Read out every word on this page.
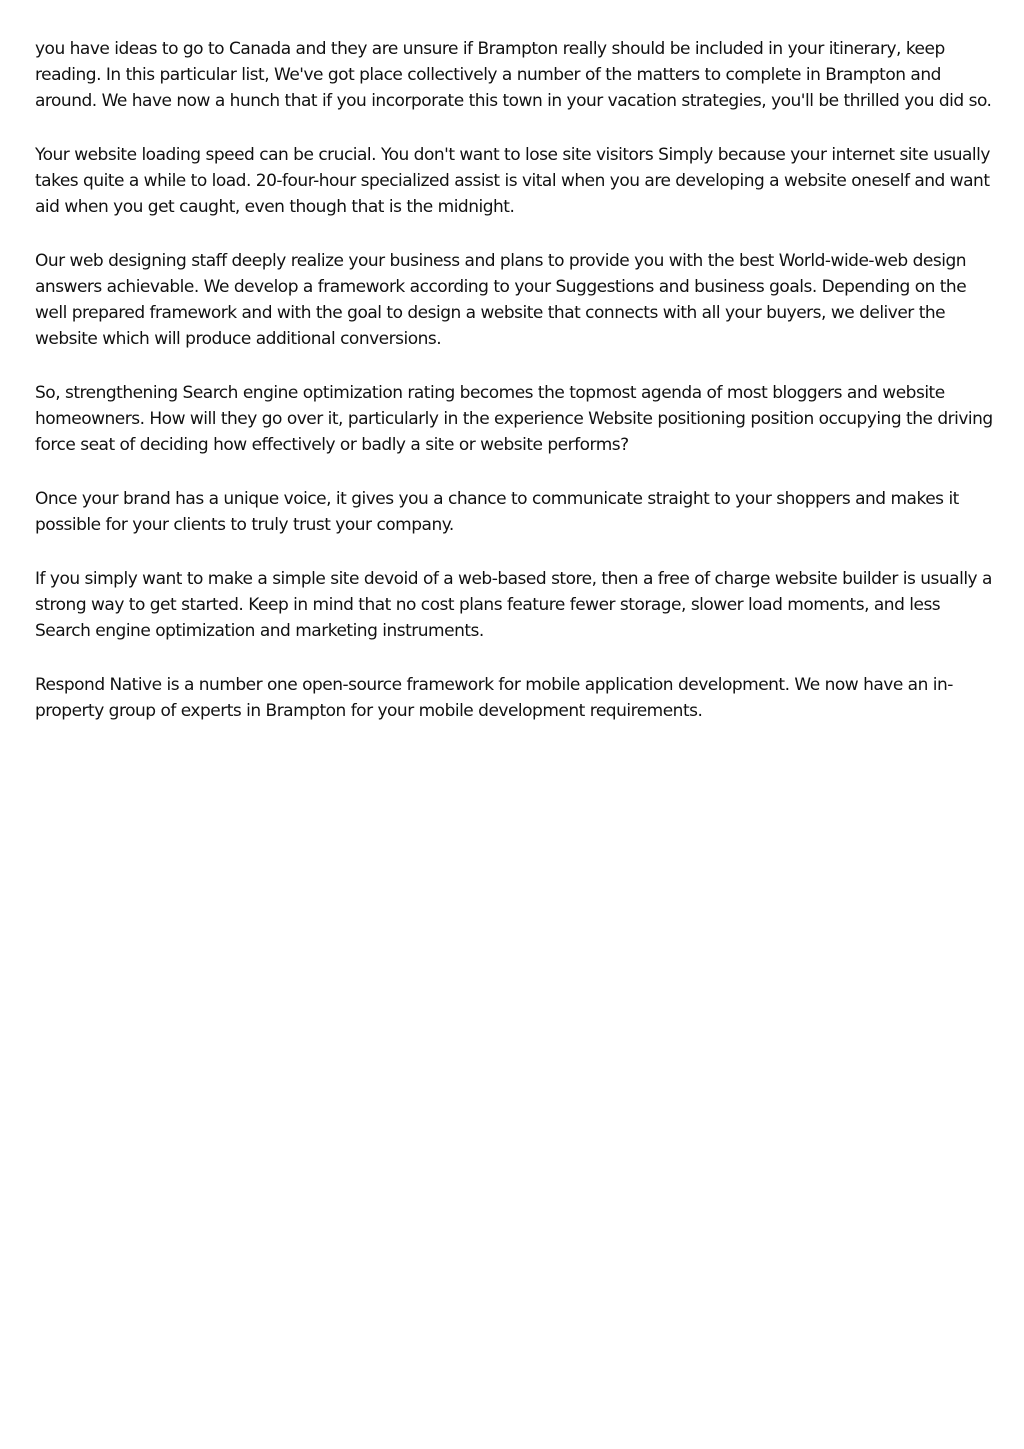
you have ideas to go to Canada and they are unsure if Brampton really should be included in your itinerary, keep reading. In this particular list, We've got place collectively a number of the matters to complete in Brampton and around. We have now a hunch that if you incorporate this town in your vacation strategies, you'll be thrilled you did so.

Your website loading speed can be crucial. You don't want to lose site visitors Simply because your internet site usually takes quite a while to load. 20-four-hour specialized assist is vital when you are developing a website oneself and want aid when you get caught, even though that is the midnight.

Our web designing staff deeply realize your business and plans to provide you with the best World-wide-web design answers achievable. We develop a framework according to your Suggestions and business goals. Depending on the well prepared framework and with the goal to design a website that connects with all your buyers, we deliver the website which will produce additional conversions.

So, strengthening Search engine optimization rating becomes the topmost agenda of most bloggers and website homeowners. How will they go over it, particularly in the experience Website positioning position occupying the driving force seat of deciding how effectively or badly a site or website performs?

Once your brand has a unique voice, it gives you a chance to communicate straight to your shoppers and makes it possible for your clients to truly trust your company.

If you simply want to make a simple site devoid of a web-based store, then a free of charge website builder is usually a strong way to get started. Keep in mind that no cost plans feature fewer storage, slower load moments, and less Search engine optimization and marketing instruments.

Respond Native is a number one open-source framework for mobile application development. We now have an in-property group of experts in Brampton for your mobile development requirements.
